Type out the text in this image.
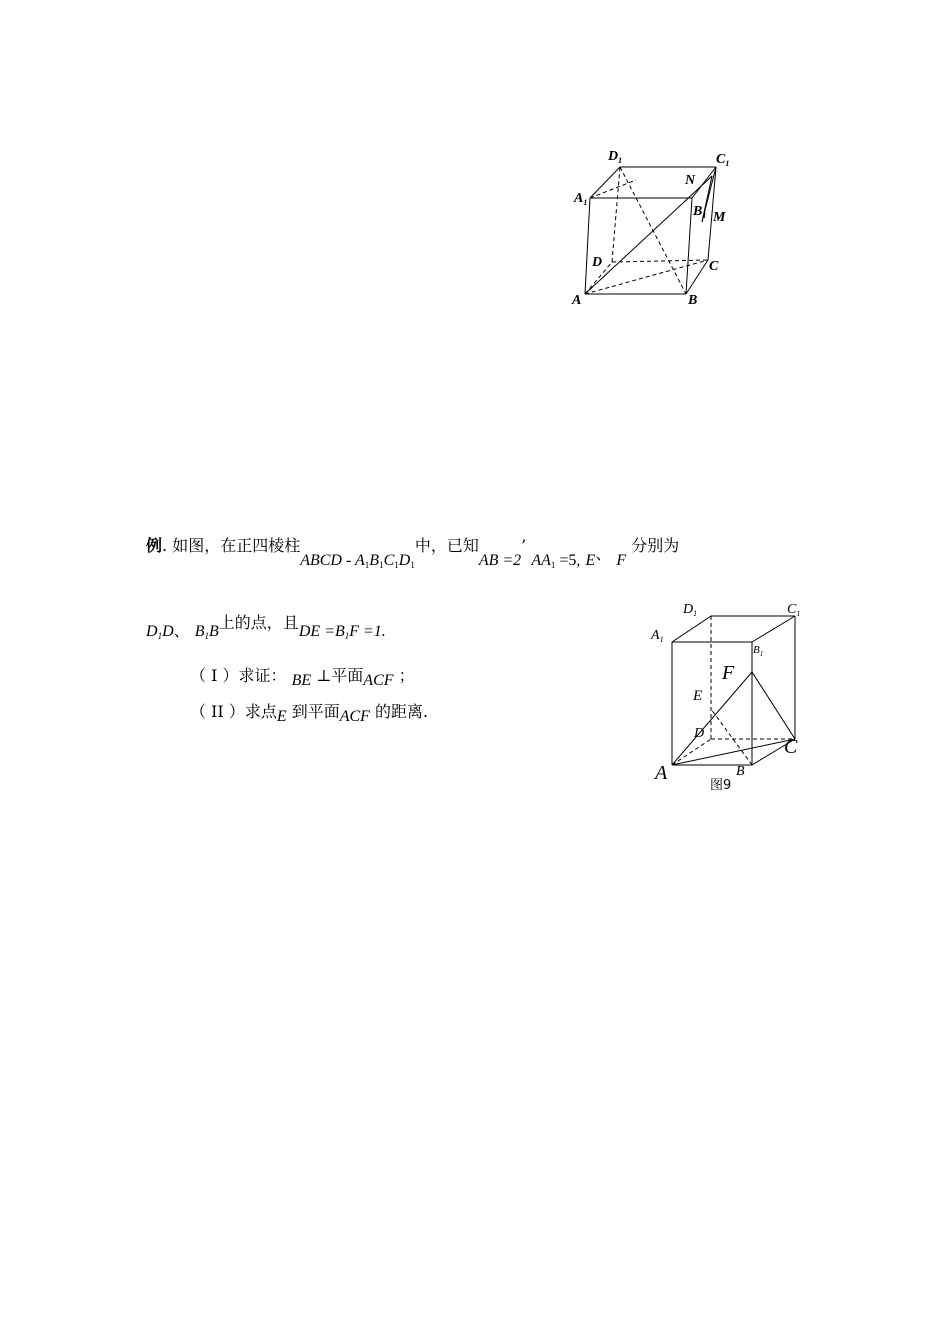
$D_1$	$C_1$
N
$A_1$
$B_1$ M
D	C
A	B
例. 如图，在正四棱柱ABCD - $A_1B_1C_1D_1$中，已知AB =2’ $AA_1 =5$, E、 F 分别为
$D_1D$、 $B_1B$上的点，且DE $=B_1F =1$.
（ I ）求证： BE ⊥平面ACF ；
（ II ）求点E 到平面ACF 的距离.
$D_1$	$C_1$
$A_1$
$B_1$
F
E
D
C
A	B
图9
